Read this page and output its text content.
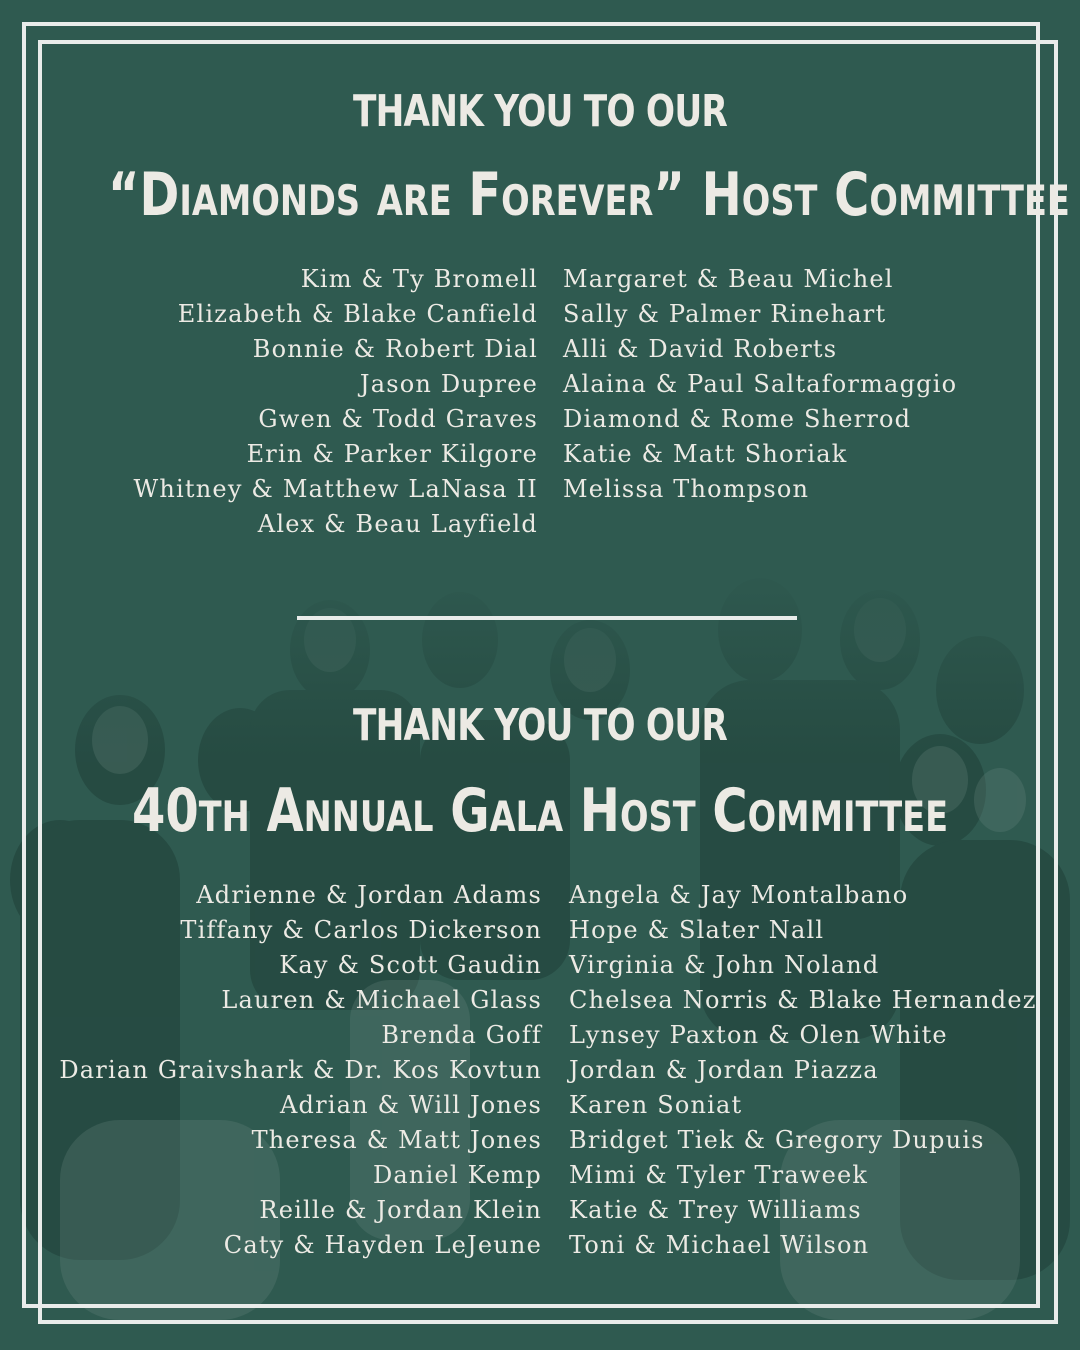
THANK YOU TO OUR
“Diamonds are Forever” Host Committee
Kim & Ty Bromell
Elizabeth & Blake Canfield
Bonnie & Robert Dial
Jason Dupree
Gwen & Todd Graves
Erin & Parker Kilgore
Whitney & Matthew LaNasa II
Alex & Beau Layfield
Margaret & Beau Michel
Sally & Palmer Rinehart
Alli & David Roberts
Alaina & Paul Saltaformaggio
Diamond & Rome Sherrod
Katie & Matt Shoriak
Melissa Thompson
THANK YOU TO OUR
40th Annual Gala Host Committee
Adrienne & Jordan Adams
Tiffany & Carlos Dickerson
Kay & Scott Gaudin
Lauren & Michael Glass
Brenda Goff
Darian Graivshark & Dr. Kos Kovtun
Adrian & Will Jones
Theresa & Matt Jones
Daniel Kemp
Reille & Jordan Klein
Caty & Hayden LeJeune
Angela & Jay Montalbano
Hope & Slater Nall
Virginia & John Noland
Chelsea Norris & Blake Hernandez
Lynsey Paxton & Olen White
Jordan & Jordan Piazza
Karen Soniat
Bridget Tiek & Gregory Dupuis
Mimi & Tyler Traweek
Katie & Trey Williams
Toni & Michael Wilson
